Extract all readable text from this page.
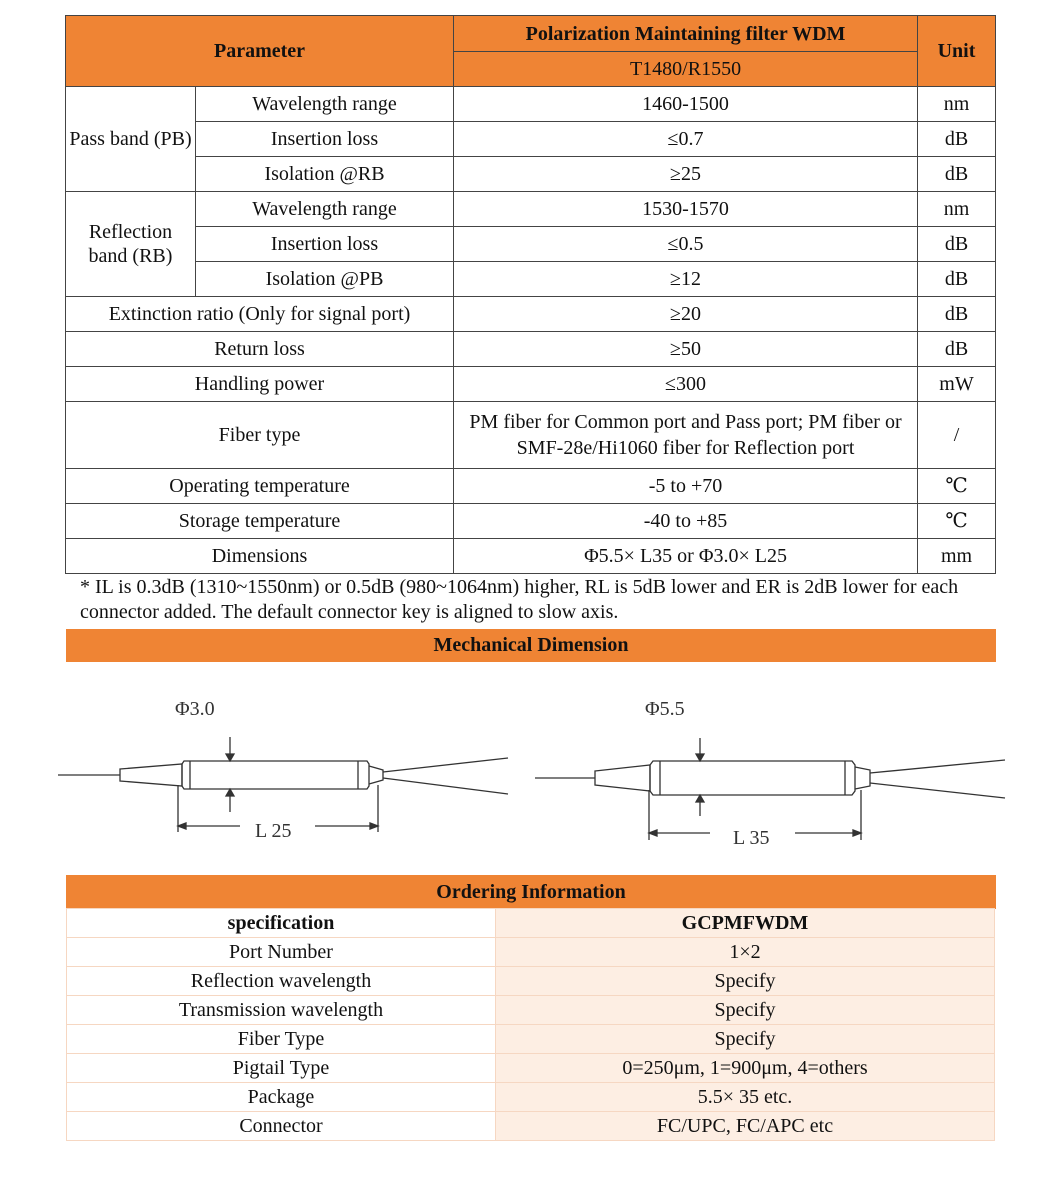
Parameter		Polarization Maintaining filter WDM	Unit
		T1480/R1550	
Pass band (PB)	Wavelength range	1460-1500	nm
	Insertion loss	≤0.7	dB
	Isolation @RB	≥25	dB
Reflection band (RB)	Wavelength range	1530-1570	nm
	Insertion loss	≤0.5	dB
	Isolation @PB	≥12	dB
Extinction ratio (Only for signal port)		≥20	dB
Return loss		≥50	dB
Handling power		≤300	mW
Fiber type		PM fiber for Common port and Pass port; PM fiber or SMF-28e/Hi1060 fiber for Reflection port	/
Operating temperature		-5 to +70	℃
Storage temperature		-40 to +85	℃
Dimensions		Φ5.5× L35 or Φ3.0× L25	mm
* IL is 0.3dB (1310~1550nm) or 0.5dB (980~1064nm) higher, RL is 5dB lower and ER is 2dB lower for each connector added. The default connector key is aligned to slow axis.
Mechanical Dimension
Φ3.0
L 25
Φ5.5
L 35
Ordering Information
specification	GCPMFWDM
Port Number	1×2
Reflection wavelength	Specify
Transmission wavelength	Specify
Fiber Type	Specify
Pigtail Type	0=250μm, 1=900μm, 4=others
Package	5.5× 35 etc.
Connector	FC/UPC, FC/APC etc
